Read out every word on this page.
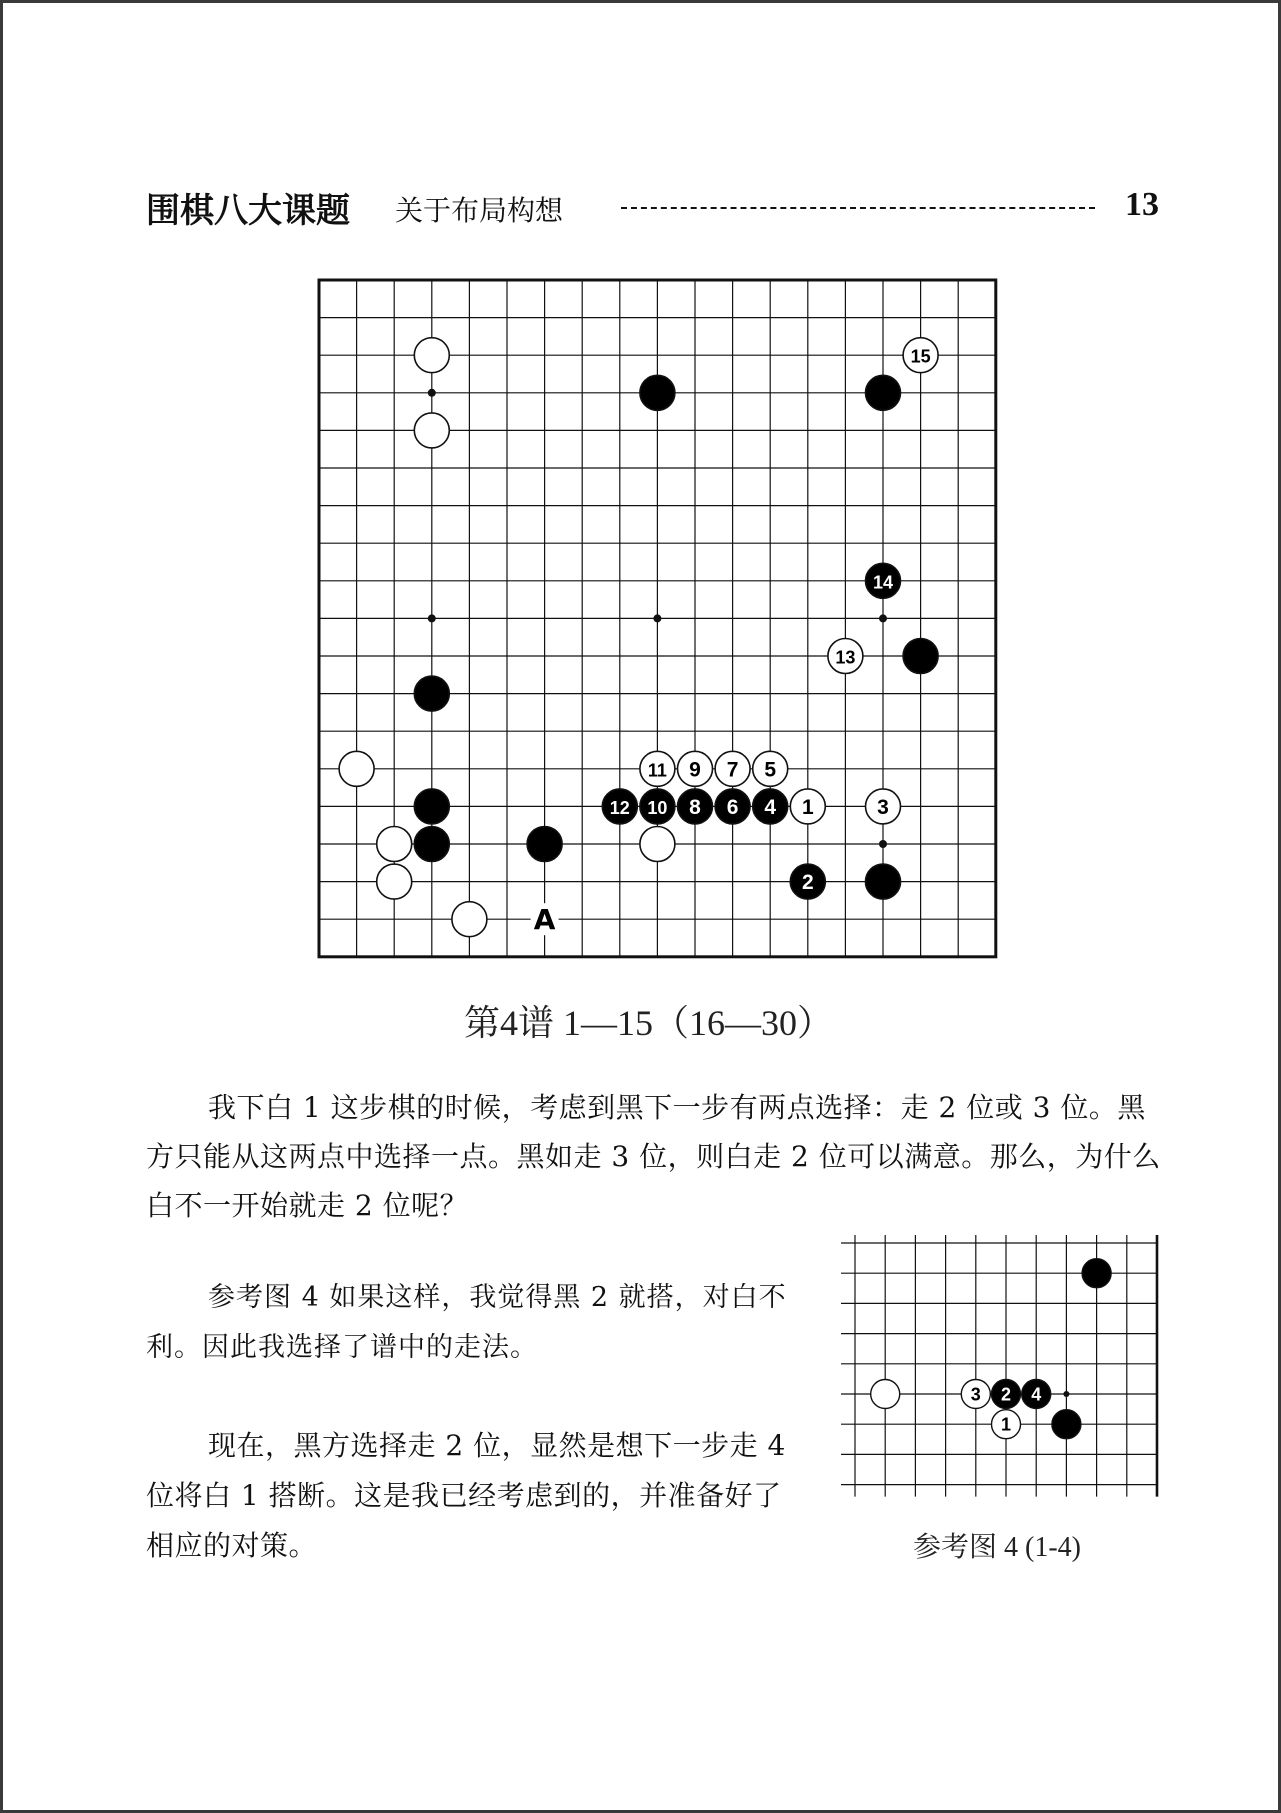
围棋八大课题 关于布局构想	13
15
14
13
11 9 7 5
12 10 8 6 4 1	3
2
A
第4谱 1—15（16—30）

我下白 1 这步棋的时候，考虑到黑下一步有两点选择：走 2 位或 3 位。黑方只能从这两点中选择一点。黑如走 3 位，则白走 2 位可以满意。那么，为什么白不一开始就走 2 位呢？

参考图 4 如果这样，我觉得黑 2 就搭，对白不利。因此我选择了谱中的走法。

现在，黑方选择走 2 位，显然是想下一步走 4 位将白 1 搭断。这是我已经考虑到的，并准备好了相应的对策。

3 2 4
1
参考图 4 (1-4)
